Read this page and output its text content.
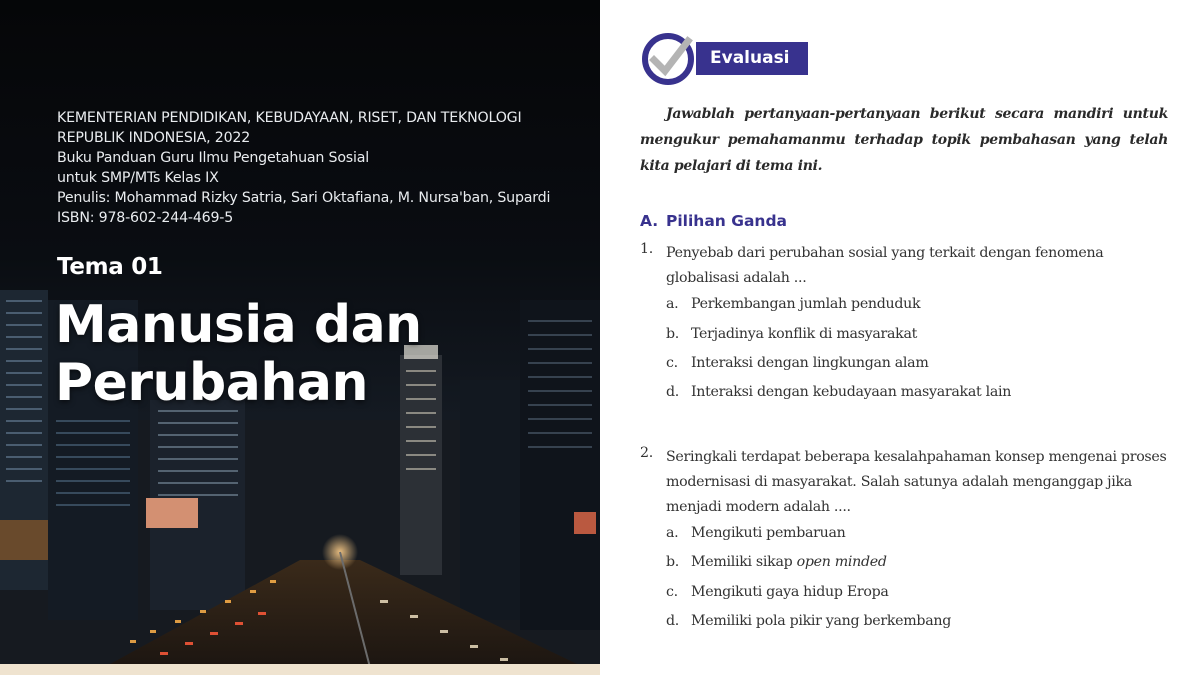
KEMENTERIAN PENDIDIKAN, KEBUDAYAAN, RISET, DAN TEKNOLOGI
REPUBLIK INDONESIA, 2022
Buku Panduan Guru Ilmu Pengetahuan Sosial
untuk SMP/MTs Kelas IX
Penulis: Mohammad Rizky Satria, Sari Oktafiana, M. Nursa'ban, Supardi
ISBN: 978-602-244-469-5
Tema 01
Manusia dan
Perubahan
Evaluasi

Jawablah pertanyaan-pertanyaan berikut secara mandiri untuk mengukur pemahamanmu terhadap topik pembahasan yang telah kita pelajari di tema ini.

A. Pilihan Ganda
1. Penyebab dari perubahan sosial yang terkait dengan fenomena globalisasi adalah ...
a. Perkembangan jumlah penduduk
b. Terjadinya konflik di masyarakat
c. Interaksi dengan lingkungan alam
d. Interaksi dengan kebudayaan masyarakat lain
2. Seringkali terdapat beberapa kesalahpahaman konsep mengenai proses modernisasi di masyarakat. Salah satunya adalah menganggap jika menjadi modern adalah ....
a. Mengikuti pembaruan
b. Memiliki sikap open minded
c. Mengikuti gaya hidup Eropa
d. Memiliki pola pikir yang berkembang
